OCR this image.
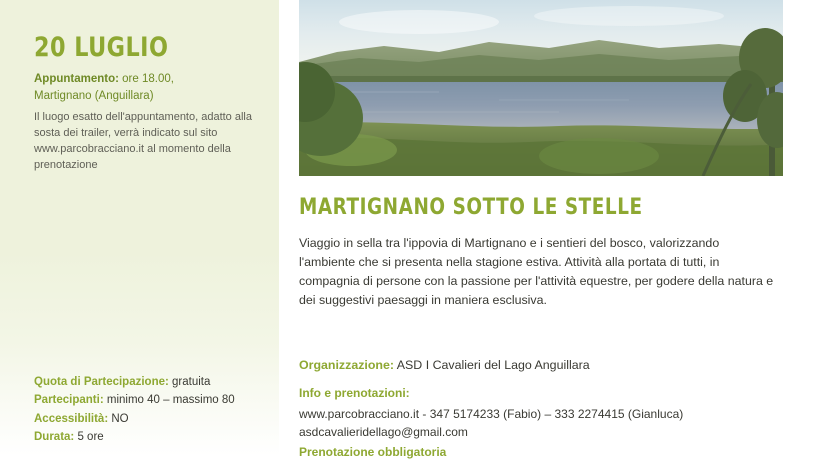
20 LUGLIO

Appuntamento: ore 18.00,

Martignano (Anguillara)

Il luogo esatto dell'appuntamento, adatto alla sosta dei trailer, verrà indicato sul sito www.parcobracciano.it al momento della prenotazione

Quota di Partecipazione: gratuita

Partecipanti: minimo 40 – massimo 80

Accessibilità: NO

Durata: 5 ore

MARTIGNANO SOTTO LE STELLE

Viaggio in sella tra l'ippovia di Martignano e i sentieri del bosco, valorizzando l'ambiente che si presenta nella stagione estiva. Attività alla portata di tutti, in compagnia di persone con la passione per l'attività equestre, per godere della natura e dei suggestivi paesaggi in maniera esclusiva.

Organizzazione: ASD I Cavalieri del Lago Anguillara

Info e prenotazioni:

www.parcobracciano.it - 347 5174233 (Fabio) – 333 2274415 (Gianluca)

asdcavalieridellago@gmail.com

Prenotazione obbligatoria
